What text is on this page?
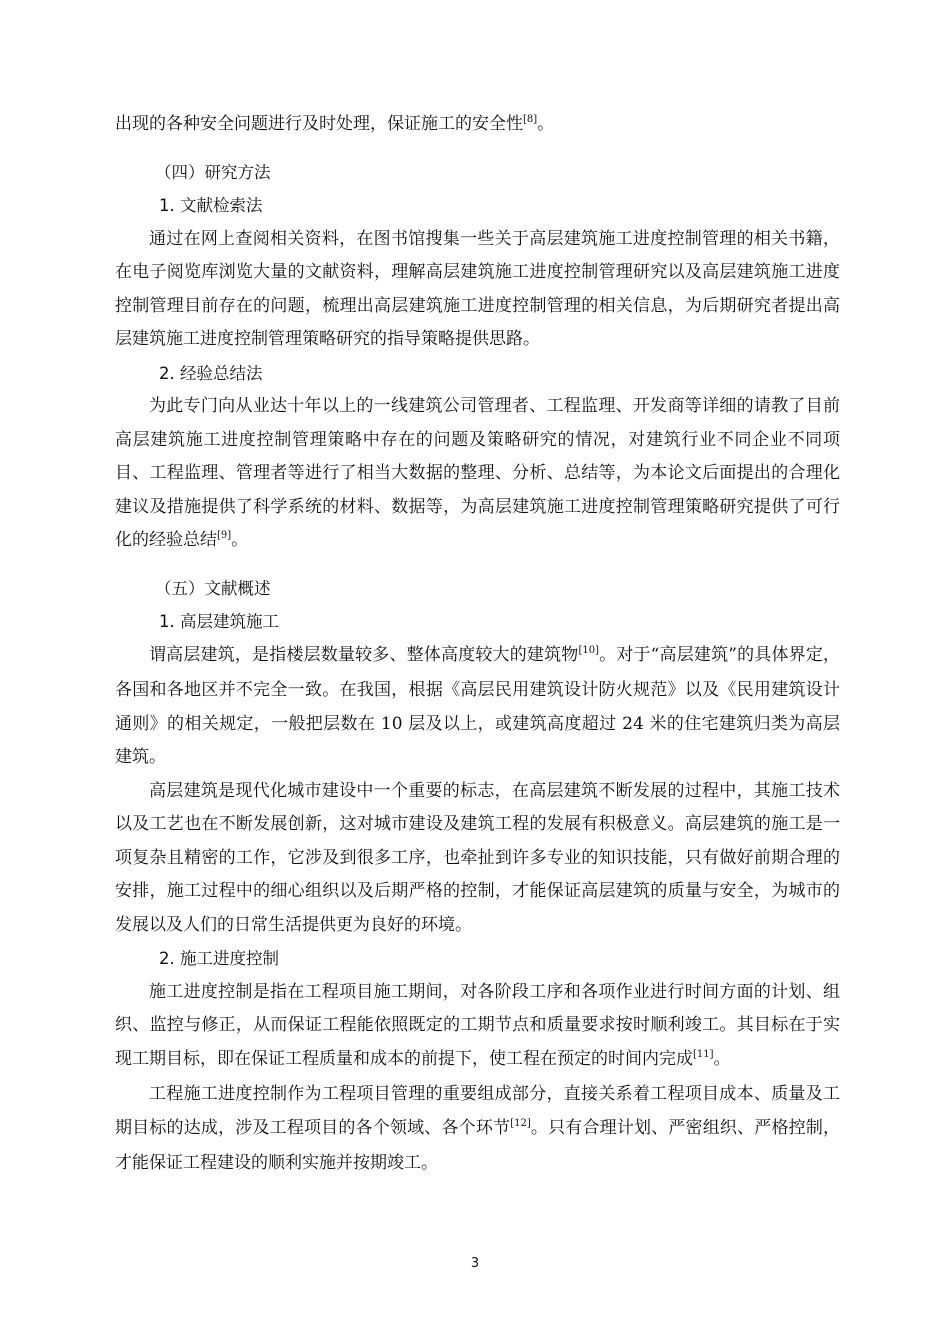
出现的各种安全问题进行及时处理，保证施工的安全性[8]。

（四）研究方法
1. 文献检索法

通过在网上查阅相关资料，在图书馆搜集一些关于高层建筑施工进度控制管理的相关书籍，在电子阅览库浏览大量的文献资料，理解高层建筑施工进度控制管理研究以及高层建筑施工进度控制管理目前存在的问题，梳理出高层建筑施工进度控制管理的相关信息，为后期研究者提出高层建筑施工进度控制管理策略研究的指导策略提供思路。

2. 经验总结法

为此专门向从业达十年以上的一线建筑公司管理者、工程监理、开发商等详细的请教了目前高层建筑施工进度控制管理策略中存在的问题及策略研究的情况，对建筑行业不同企业不同项目、工程监理、管理者等进行了相当大数据的整理、分析、总结等，为本论文后面提出的合理化建议及措施提供了科学系统的材料、数据等，为高层建筑施工进度控制管理策略研究提供了可行化的经验总结[9]。

（五）文献概述
1. 高层建筑施工

谓高层建筑，是指楼层数量较多、整体高度较大的建筑物[10]。对于“高层建筑”的具体界定，各国和各地区并不完全一致。在我国，根据《高层民用建筑设计防火规范》以及《民用建筑设计通则》的相关规定，一般把层数在 10 层及以上，或建筑高度超过 24 米的住宅建筑归类为高层建筑。

高层建筑是现代化城市建设中一个重要的标志，在高层建筑不断发展的过程中，其施工技术以及工艺也在不断发展创新，这对城市建设及建筑工程的发展有积极意义。高层建筑的施工是一项复杂且精密的工作，它涉及到很多工序，也牵扯到许多专业的知识技能，只有做好前期合理的安排，施工过程中的细心组织以及后期严格的控制，才能保证高层建筑的质量与安全，为城市的发展以及人们的日常生活提供更为良好的环境。

2. 施工进度控制

施工进度控制是指在工程项目施工期间，对各阶段工序和各项作业进行时间方面的计划、组织、监控与修正，从而保证工程能依照既定的工期节点和质量要求按时顺利竣工。其目标在于实现工期目标，即在保证工程质量和成本的前提下，使工程在预定的时间内完成[11]。

工程施工进度控制作为工程项目管理的重要组成部分，直接关系着工程项目成本、质量及工期目标的达成，涉及工程项目的各个领域、各个环节[12]。只有合理计划、严密组织、严格控制，才能保证工程建设的顺利实施并按期竣工。

3
